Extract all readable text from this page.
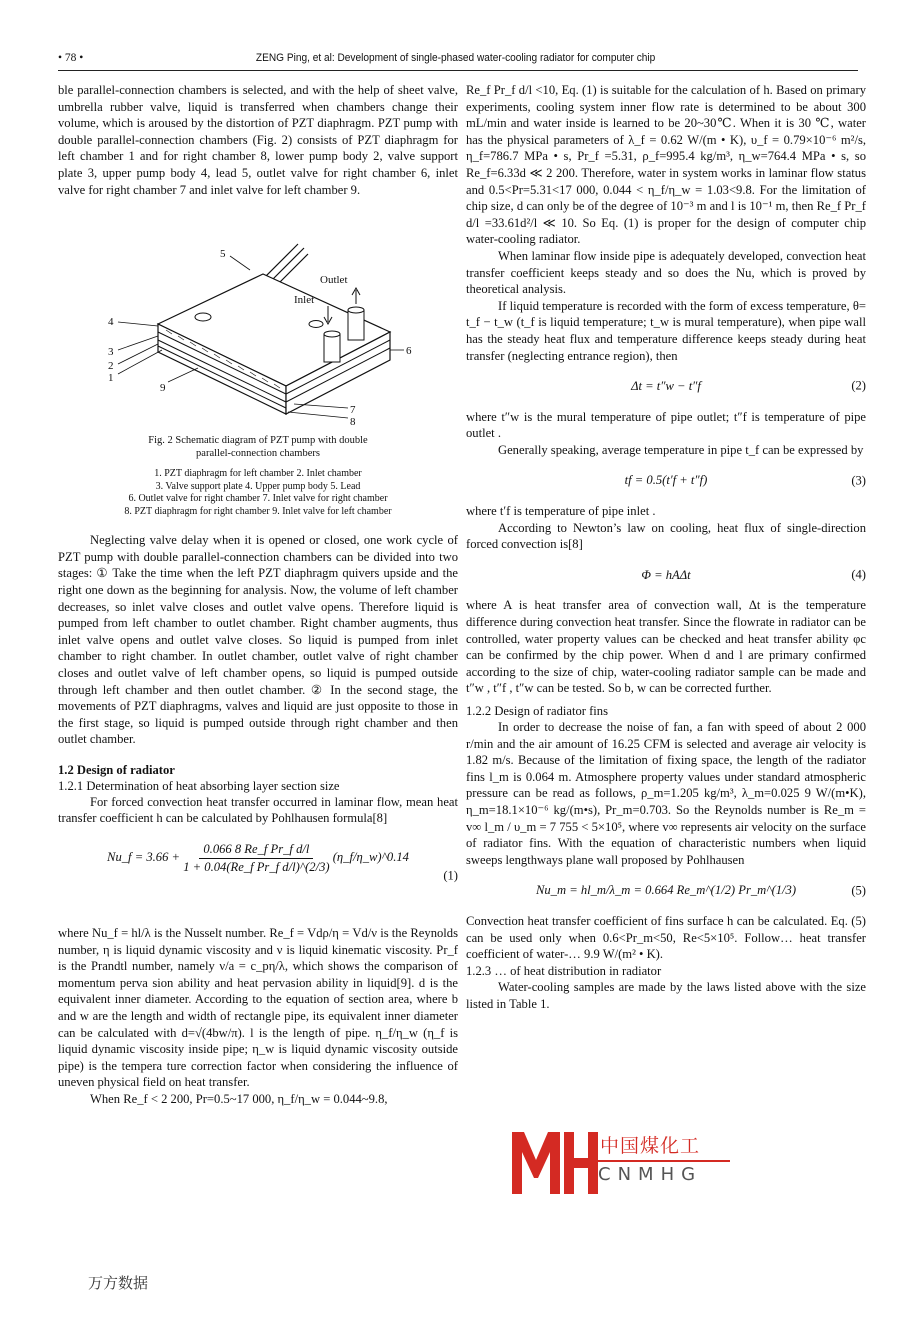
• 78 •	ZENG Ping, et al: Development of single-phased water-cooling radiator for computer chip

ble parallel-connection chambers is selected, and with the help of sheet valve, umbrella rubber valve, liquid is transferred when chambers change their volume, which is aroused by the distortion of PZT diaphragm. PZT pump with double parallel-connection chambers (Fig. 2) consists of PZT diaphragm for left chamber 1 and for right chamber 8, lower pump body 2, valve support plate 3, upper pump body 4, lead 5, outlet valve for right chamber 6, inlet valve for right chamber 7 and inlet valve for left chamber 9.

5
Outlet
Inlet
4
3
2
1
9
6
7
8
Fig. 2 Schematic diagram of PZT pump with double
parallel-connection chambers
1. PZT diaphragm for left chamber 2. Inlet chamber
3. Valve support plate 4. Upper pump body 5. Lead
6. Outlet valve for right chamber 7. Inlet valve for right chamber
8. PZT diaphragm for right chamber 9. Inlet valve for left chamber

Neglecting valve delay when it is opened or closed, one work cycle of PZT pump with double parallel-connection chambers can be divided into two stages: ① Take the time when the left PZT diaphragm quivers upside and the right one down as the beginning for analysis. Now, the volume of left chamber decreases, so inlet valve closes and outlet valve opens. Therefore liquid is pumped from left chamber to outlet chamber. Right chamber augments, thus inlet valve opens and outlet valve closes. So liquid is pumped from inlet chamber to right chamber. In outlet chamber, outlet valve of right chamber closes and outlet valve of left chamber opens, so liquid is pumped outside through left chamber and then outlet chamber. ② In the second stage, the movements of PZT diaphragms, valves and liquid are just opposite to those in the first stage, so liquid is pumped outside through right chamber and then outlet chamber.

1.2 Design of radiator
1.2.1 Determination of heat absorbing layer section size

For forced convection heat transfer occurred in laminar flow, mean heat transfer coefficient h can be calculated by Pohlhausen formula[8]

Nu_f = $3.66 + \frac{\text{0.066 8 Re\_f Pr\_f d/l}}{\text{1 + 0.04(Re\_f Pr\_f d/l)\textasciicircum{}(2/3)}}$ (η_f/η_w)^0.14
(1)

where Nu_f = hl/λ is the Nusselt number. Re_f = Vdρ/η = Vd/ν is the Reynolds number, η is liquid dynamic viscosity and ν is liquid kinematic viscosity. Pr_f is the Prandtl number, namely ν/a = c_pη/λ, which shows the comparison of momentum perva sion ability and heat pervasion ability in liquid[9]. d is the equivalent inner diameter. According to the equation of section area, where b and w are the length and width of rectangle pipe, its equivalent inner diameter can be calculated with d=√(4bw/π). l is the length of pipe. η_f/η_w (η_f is liquid dynamic viscosity inside pipe; η_w is liquid dynamic viscosity outside pipe) is the tempera ture correction factor when considering the influence of uneven physical field on heat transfer.

When Re_f < 2 200, Pr=0.5~17 000, η_f/η_w = 0.044~9.8,

Re_f Pr_f d/l <10, Eq. (1) is suitable for the calculation of h. Based on primary experiments, cooling system inner flow rate is determined to be about 300 mL/min and water inside is learned to be 20~30℃. When it is 30 ℃, water has the physical parameters of λ_f = 0.62 W/(m • K), υ_f = 0.79×10⁻⁶ m²/s, η_f=786.7 MPa • s, Pr_f =5.31, ρ_f=995.4 kg/m³, η_w=764.4 MPa • s, so Re_f=6.33d ≪ 2 200. Therefore, water in system works in laminar flow status and 0.5<Pr=5.31<17 000, 0.044 < η_f/η_w = 1.03<9.8. For the limitation of chip size, d can only be of the degree of 10⁻³ m and l is 10⁻¹ m, then Re_f Pr_f d/l =33.61d²/l ≪ 10. So Eq. (1) is proper for the design of computer chip water-cooling radiator.

When laminar flow inside pipe is adequately developed, convection heat transfer coefficient keeps steady and so does the Nu, which is proved by theoretical analysis.

If liquid temperature is recorded with the form of excess temperature, θ= t_f − t_w (t_f is liquid temperature; t_w is mural temperature), when pipe wall has the steady heat flux and temperature difference keeps steady during heat transfer (neglecting entrance region), then

Δt = t″w − t″f	(2)

where t″w is the mural temperature of pipe outlet; t″f is temperature of pipe outlet .

Generally speaking, average temperature in pipe t_f can be expressed by

tf = 0.5(t′f + t″f)	(3)

where t′f is temperature of pipe inlet .

According to Newton’s law on cooling, heat flux of single-direction forced convection is[8]

Φ = hAΔt	(4)

where A is heat transfer area of convection wall, Δt is the temperature difference during convection heat transfer. Since the flowrate in radiator can be controlled, water property values can be checked and heat transfer ability φc can be confirmed by the chip power. When d and l are primary confirmed according to the size of chip, water-cooling radiator sample can be made and t″w , t″f , t″w can be tested. So b, w can be corrected further.

1.2.2 Design of radiator fins

In order to decrease the noise of fan, a fan with speed of about 2 000 r/min and the air amount of 16.25 CFM is selected and average air velocity is 1.82 m/s. Because of the limitation of fixing space, the length of the radiator fins l_m is 0.064 m. Atmosphere property values under standard atmospheric pressure can be read as follows, ρ_m=1.205 kg/m³, λ_m=0.025 9 W/(m•K), η_m=18.1×10⁻⁶ kg/(m•s), Pr_m=0.703. So the Reynolds number is Re_m = v∞ l_m / υ_m = 7 755 < 5×10⁵, where v∞ represents air velocity on the surface of radiator fins. With the equation of characteristic numbers when liquid sweeps lengthways plane wall proposed by Pohlhausen

Nu_m = hl_m/λ_m = 0.664 Re_m^(1/2) Pr_m^(1/3)	(5)

Convection heat transfer coefficient of fins surface h can be calculated. Eq. (5) can be used only when 0.6<Pr_m<50, Re<5×10⁵. Follow… heat transfer coefficient of water-… 9.9 W/(m² • K).

1.2.3 … of heat distribution in radiator

Water-cooling samples are made by the laws listed above with the size listed in Table 1.

中国煤化工
CNMHG
万方数据
